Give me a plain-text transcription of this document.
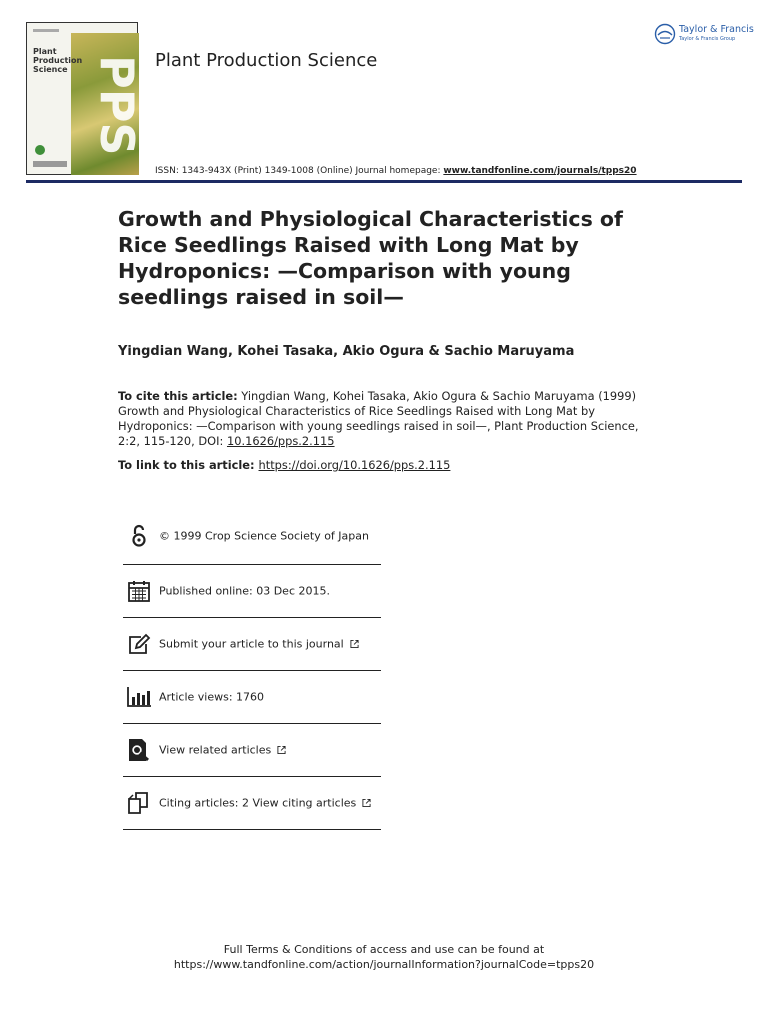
PPS
Plant
Production
Science	Plant Production Science
Taylor & Francis
Taylor & Francis Group
ISSN: 1343-943X (Print) 1349-1008 (Online) Journal homepage: www.tandfonline.com/journals/tpps20
Growth and Physiological Characteristics of Rice Seedlings Raised with Long Mat by Hydroponics: —Comparison with young seedlings raised in soil—
Yingdian Wang, Kohei Tasaka, Akio Ogura & Sachio Maruyama
To cite this article: Yingdian Wang, Kohei Tasaka, Akio Ogura & Sachio Maruyama (1999) Growth and Physiological Characteristics of Rice Seedlings Raised with Long Mat by Hydroponics: —Comparison with young seedlings raised in soil—, Plant Production Science, 2:2, 115-120, DOI: 10.1626/pps.2.115
To link to this article: https://doi.org/10.1626/pps.2.115
© 1999 Crop Science Society of Japan
Published online: 03 Dec 2015.
Submit your article to this journal
Article views: 1760
View related articles
Citing articles: 2 View citing articles
Full Terms & Conditions of access and use can be found at
https://www.tandfonline.com/action/journalInformation?journalCode=tpps20
